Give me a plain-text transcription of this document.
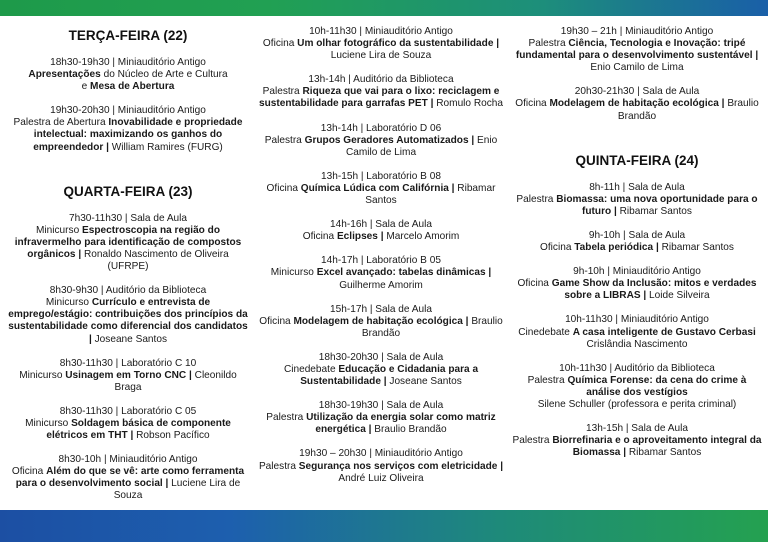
TERÇA-FEIRA (22)
18h30-19h30 | Miniauditório Antigo
Apresentações do Núcleo de Arte e Cultura
e Mesa de Abertura
19h30-20h30 | Miniauditório Antigo
Palestra de Abertura Inovabilidade e propriedade intelectual: maximizando os ganhos do empreendedor | William Ramires (FURG)
QUARTA-FEIRA (23)
7h30-11h30 | Sala de Aula
Minicurso Espectroscopia na região do infravermelho para identificação de compostos orgânicos | Ronaldo Nascimento de Oliveira (UFRPE)
8h30-9h30 | Auditório da Biblioteca
Minicurso Currículo e entrevista de emprego/estágio: contribuições dos princípios da sustentabilidade como diferencial dos candidatos | Joseane Santos
8h30-11h30 | Laboratório C 10
Minicurso Usinagem em Torno CNC | Cleonildo Braga
8h30-11h30 | Laboratório C 05
Minicurso Soldagem básica de componente elétricos em THT | Robson Pacífico
8h30-10h | Miniauditório Antigo
Oficina Além do que se vê: arte como ferramenta para o desenvolvimento social | Luciene Lira de Souza
10h-11h30 | Miniauditório Antigo
Oficina Um olhar fotográfico da sustentabilidade | Luciene Lira de Souza
13h-14h | Auditório da Biblioteca
Palestra Riqueza que vai para o lixo: reciclagem e sustentabilidade para garrafas PET | Romulo Rocha
13h-14h | Laboratório D 06
Palestra Grupos Geradores Automatizados | Enio Camilo de Lima
13h-15h | Laboratório B 08
Oficina Química Lúdica com Califórnia | Ribamar Santos
14h-16h | Sala de Aula
Oficina Eclipses | Marcelo Amorim
14h-17h | Laboratório B 05
Minicurso Excel avançado: tabelas dinâmicas | Guilherme Amorim
15h-17h | Sala de Aula
Oficina Modelagem de habitação ecológica | Braulio Brandão
18h30-20h30 | Sala de Aula
Cinedebate Educação e Cidadania para a Sustentabilidade | Joseane Santos
18h30-19h30 | Sala de Aula
Palestra Utilização da energia solar como matriz energética | Braulio Brandão
19h30 – 20h30 | Miniauditório Antigo
Palestra Segurança nos serviços com eletricidade | André Luiz Oliveira
19h30 – 21h | Miniauditório Antigo
Palestra Ciência, Tecnologia e Inovação: tripé fundamental para o desenvolvimento sustentável | Enio Camilo de Lima
20h30-21h30 | Sala de Aula
Oficina Modelagem de habitação ecológica | Braulio Brandão
QUINTA-FEIRA (24)
8h-11h | Sala de Aula
Palestra Biomassa: uma nova oportunidade para o futuro | Ribamar Santos
9h-10h | Sala de Aula
Oficina Tabela periódica | Ribamar Santos
9h-10h | Miniauditório Antigo
Oficina Game Show da Inclusão: mitos e verdades sobre a LIBRAS | Loide Silveira
10h-11h30 | Miniauditório Antigo
Cinedebate A casa inteligente de Gustavo Cerbasi Crislândia Nascimento
10h-11h30 | Auditório da Biblioteca
Palestra Química Forense: da cena do crime à análise dos vestígios
Silene Schuller (professora e perita criminal)
13h-15h | Sala de Aula
Palestra Biorrefinaria e o aproveitamento integral da Biomassa | Ribamar Santos
